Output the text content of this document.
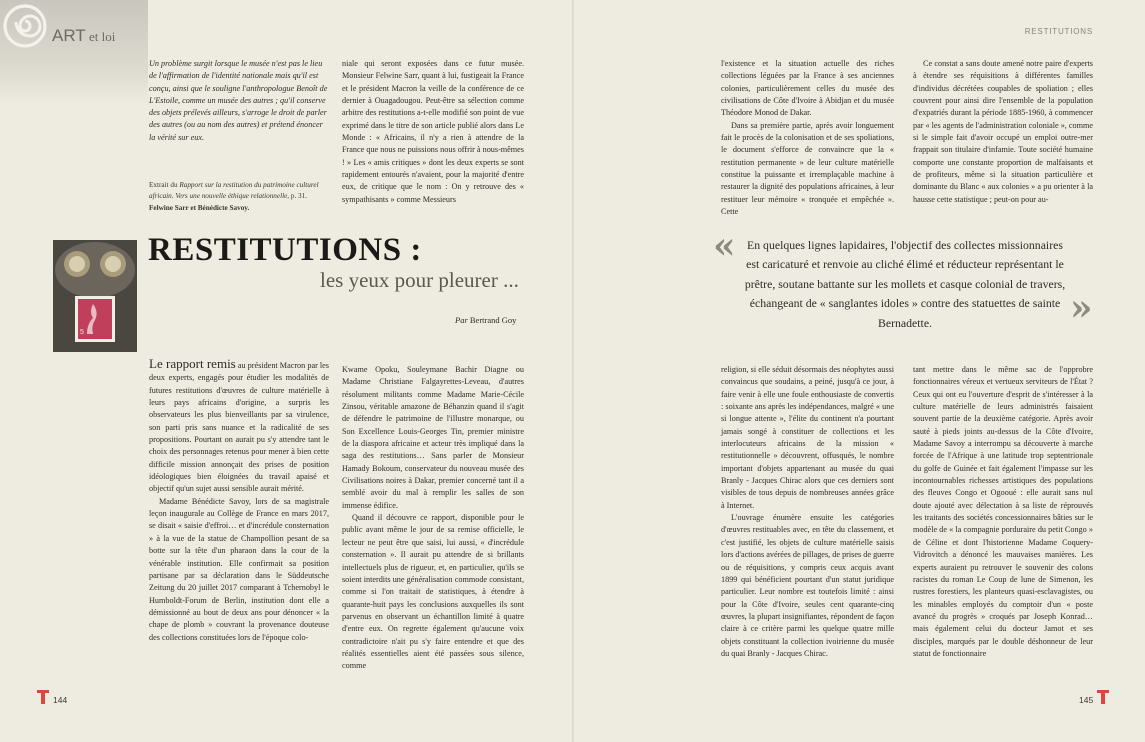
ART et loi	RESTITUTIONS
Un problème surgit lorsque le musée n'est pas le lieu de l'affirmation de l'identité nationale mais qu'il est conçu, ainsi que le souligne l'anthropologue Benoît de L'Estoile, comme un musée des autres ; qu'il conserve des objets prélevés ailleurs, s'arroge le droit de parler des autres (ou au nom des autres) et prétend énoncer la vérité sur eux.
Extrait du Rapport sur la restitution du patrimoine culturel africain. Vers une nouvelle éthique relationnelle, p. 31. Felwine Sarr et Bénédicte Savoy.

niale qui seront exposées dans ce futur musée. Monsieur Felwine Sarr, quant à lui, fustigeait la France et le président Macron la veille de la conférence de ce dernier à Ouagadougou. Peut-être sa sélection comme arbitre des restitutions a-t-elle modifié son point de vue exprimé dans le titre de son article publié alors dans Le Monde : « Africains, il n'y a rien à attendre de la France que nous ne puissions nous offrir à nous-mêmes ! » Les « amis critiques » dont les deux experts se sont rapidement entourés n'avaient, pour la majorité d'entre eux, de critique que le nom : On y retrouve des « sympathisants » comme Messieurs

5
RESTITUTIONS :
les yeux pour pleurer ...
Par Bertrand Goy

Le rapport remis au président Macron par les deux experts, engagés pour étudier les modalités de futures restitutions d'œuvres de culture matérielle à leurs pays africains d'origine, a surpris les observateurs les plus bienveillants par sa virulence, son parti pris sans nuance et la radicalité de ses propositions. Pourtant on aurait pu s'y attendre tant le choix des personnages retenus pour mener à bien cette difficile mission annonçait des prises de position idéologiques bien éloignées du travail apaisé et objectif qu'un sujet aussi sensible aurait mérité.

Madame Bénédicte Savoy, lors de sa magistrale leçon inaugurale au Collège de France en mars 2017, se disait « saisie d'effroi… et d'incrédule consternation » à la vue de la statue de Champollion pesant de sa botte sur la tête d'un pharaon dans la cour de la vénérable institution. Elle confirmait sa position partisane par sa déclaration dans le Süddeutsche Zeitung du 20 juillet 2017 comparant à Tchernobyl le Humboldt-Forum de Berlin, institution dont elle a démissionné au bout de deux ans pour dénoncer « la chape de plomb » couvrant la provenance douteuse des collections constituées lors de l'époque colo-

Kwame Opoku, Souleymane Bachir Diagne ou Madame Christiane Falgayrettes-Leveau, d'autres résolument militants comme Madame Marie-Cécile Zinsou, véritable amazone de Béhanzin quand il s'agit de défendre le patrimoine de l'illustre monarque, ou Son Excellence Louis-Georges Tin, premier ministre de la diaspora africaine et acteur très impliqué dans la saga des restitutions… Sans parler de Monsieur Hamady Bokoum, conservateur du nouveau musée des Civilisations noires à Dakar, premier concerné tant il a semblé avoir du mal à remplir les salles de son immense édifice.

Quand il découvre ce rapport, disponible pour le public avant même le jour de sa remise officielle, le lecteur ne peut être que saisi, lui aussi, « d'incrédule consternation ». Il aurait pu attendre de si brillants intellectuels plus de rigueur, et, en particulier, qu'ils se soient interdits une généralisation commode consistant, comme si l'on traitait de statistiques, à étendre à quarante-huit pays les conclusions auxquelles ils sont parvenus en observant un échantillon limité à quatre d'entre eux. On regrette également qu'aucune voix contradictoire n'ait pu s'y faire entendre et que des réalités essentielles aient été passées sous silence, comme

l'existence et la situation actuelle des riches collections léguées par la France à ses anciennes colonies, particulièrement celles du musée des civilisations de Côte d'Ivoire à Abidjan et du musée Théodore Monod de Dakar.

Dans sa première partie, après avoir longuement fait le procès de la colonisation et de ses spoliations, le document s'efforce de convaincre que la « restitution permanente » de leur culture matérielle constitue la puissante et irremplaçable machine à restaurer la dignité des populations africaines, à leur restituer leur mémoire « tronquée et empêchée ». Cette

Ce constat a sans doute amené notre paire d'experts à étendre ses réquisitions à différentes familles d'individus décrétées coupables de spoliation ; elles couvrent pour ainsi dire l'ensemble de la population d'expatriés durant la période 1885-1960, à commencer par « les agents de l'administration coloniale », comme si le simple fait d'avoir occupé un emploi outre-mer frappait son titulaire d'infamie. Toute société humaine comporte une constante proportion de malfaisants et de profiteurs, même si la situation particulière et dominante du Blanc « aux colonies » a pu orienter à la hausse cette statistique ; peut-on pour au-

« En quelques lignes lapidaires, l'objectif des collectes missionnaires est caricaturé et renvoie au cliché élimé et réducteur représentant le prêtre, soutane battante sur les mollets et casque colonial de travers, échangeant de « sanglantes idoles » contre des statuettes de sainte Bernadette.	»

religion, si elle séduit désormais des néophytes aussi convaincus que soudains, a peiné, jusqu'à ce jour, à faire venir à elle une foule enthousiaste de convertis : soixante ans après les indépendances, malgré « une si longue attente », l'élite du continent n'a pourtant jamais songé à constituer de collections et les interlocuteurs africains de la mission « restitutionnelle » découvrent, offusqués, le nombre important d'objets appartenant au musée du quai Branly - Jacques Chirac alors que ces derniers sont visibles de tous depuis de nombreuses années grâce à Internet.

L'ouvrage énumère ensuite les catégories d'œuvres restituables avec, en tête du classement, et c'est justifié, les objets de culture matérielle saisis lors d'actions avérées de pillages, de prises de guerre ou de réquisitions, y compris ceux acquis avant 1899 qui bénéficient pourtant d'un statut juridique particulier. Leur nombre est toutefois limité : ainsi pour la Côte d'Ivoire, seules cent quarante-cinq œuvres, la plupart insignifiantes, répondent de façon claire à ce critère parmi les quelque quatre mille objets constituant la collection ivoirienne du musée du quai Branly - Jacques Chirac.

tant mettre dans le même sac de l'opprobre fonctionnaires véreux et vertueux serviteurs de l'État ? Ceux qui ont eu l'ouverture d'esprit de s'intéresser à la culture matérielle de leurs administrés faisaient souvent partie de la deuxième catégorie. Après avoir sauté à pieds joints au-dessus de la Côte d'Ivoire, Madame Savoy a interrompu sa découverte à marche forcée de l'Afrique à une latitude trop septentrionale du golfe de Guinée et fait également l'impasse sur les incontournables richesses artistiques des populations des fleuves Congo et Ogooué : elle aurait sans nul doute ajouté avec délectation à sa liste de réprouvés les traitants des sociétés concessionnaires bâties sur le modèle de « la compagnie porduraire du petit Congo » de Céline et dont l'historienne Madame Coquery-Vidrovitch a dénoncé les mauvaises manières. Les experts auraient pu retrouver le souvenir des colons racistes du roman Le Coup de lune de Simenon, les rustres forestiers, les planteurs quasi-esclavagistes, ou les minables employés du comptoir d'un « poste avancé du progrès » croqués par Joseph Konrad… mais également celui du docteur Jamot et ses disciples, marqués par le double déshonneur de leur statut de fonctionnaire

144	145
